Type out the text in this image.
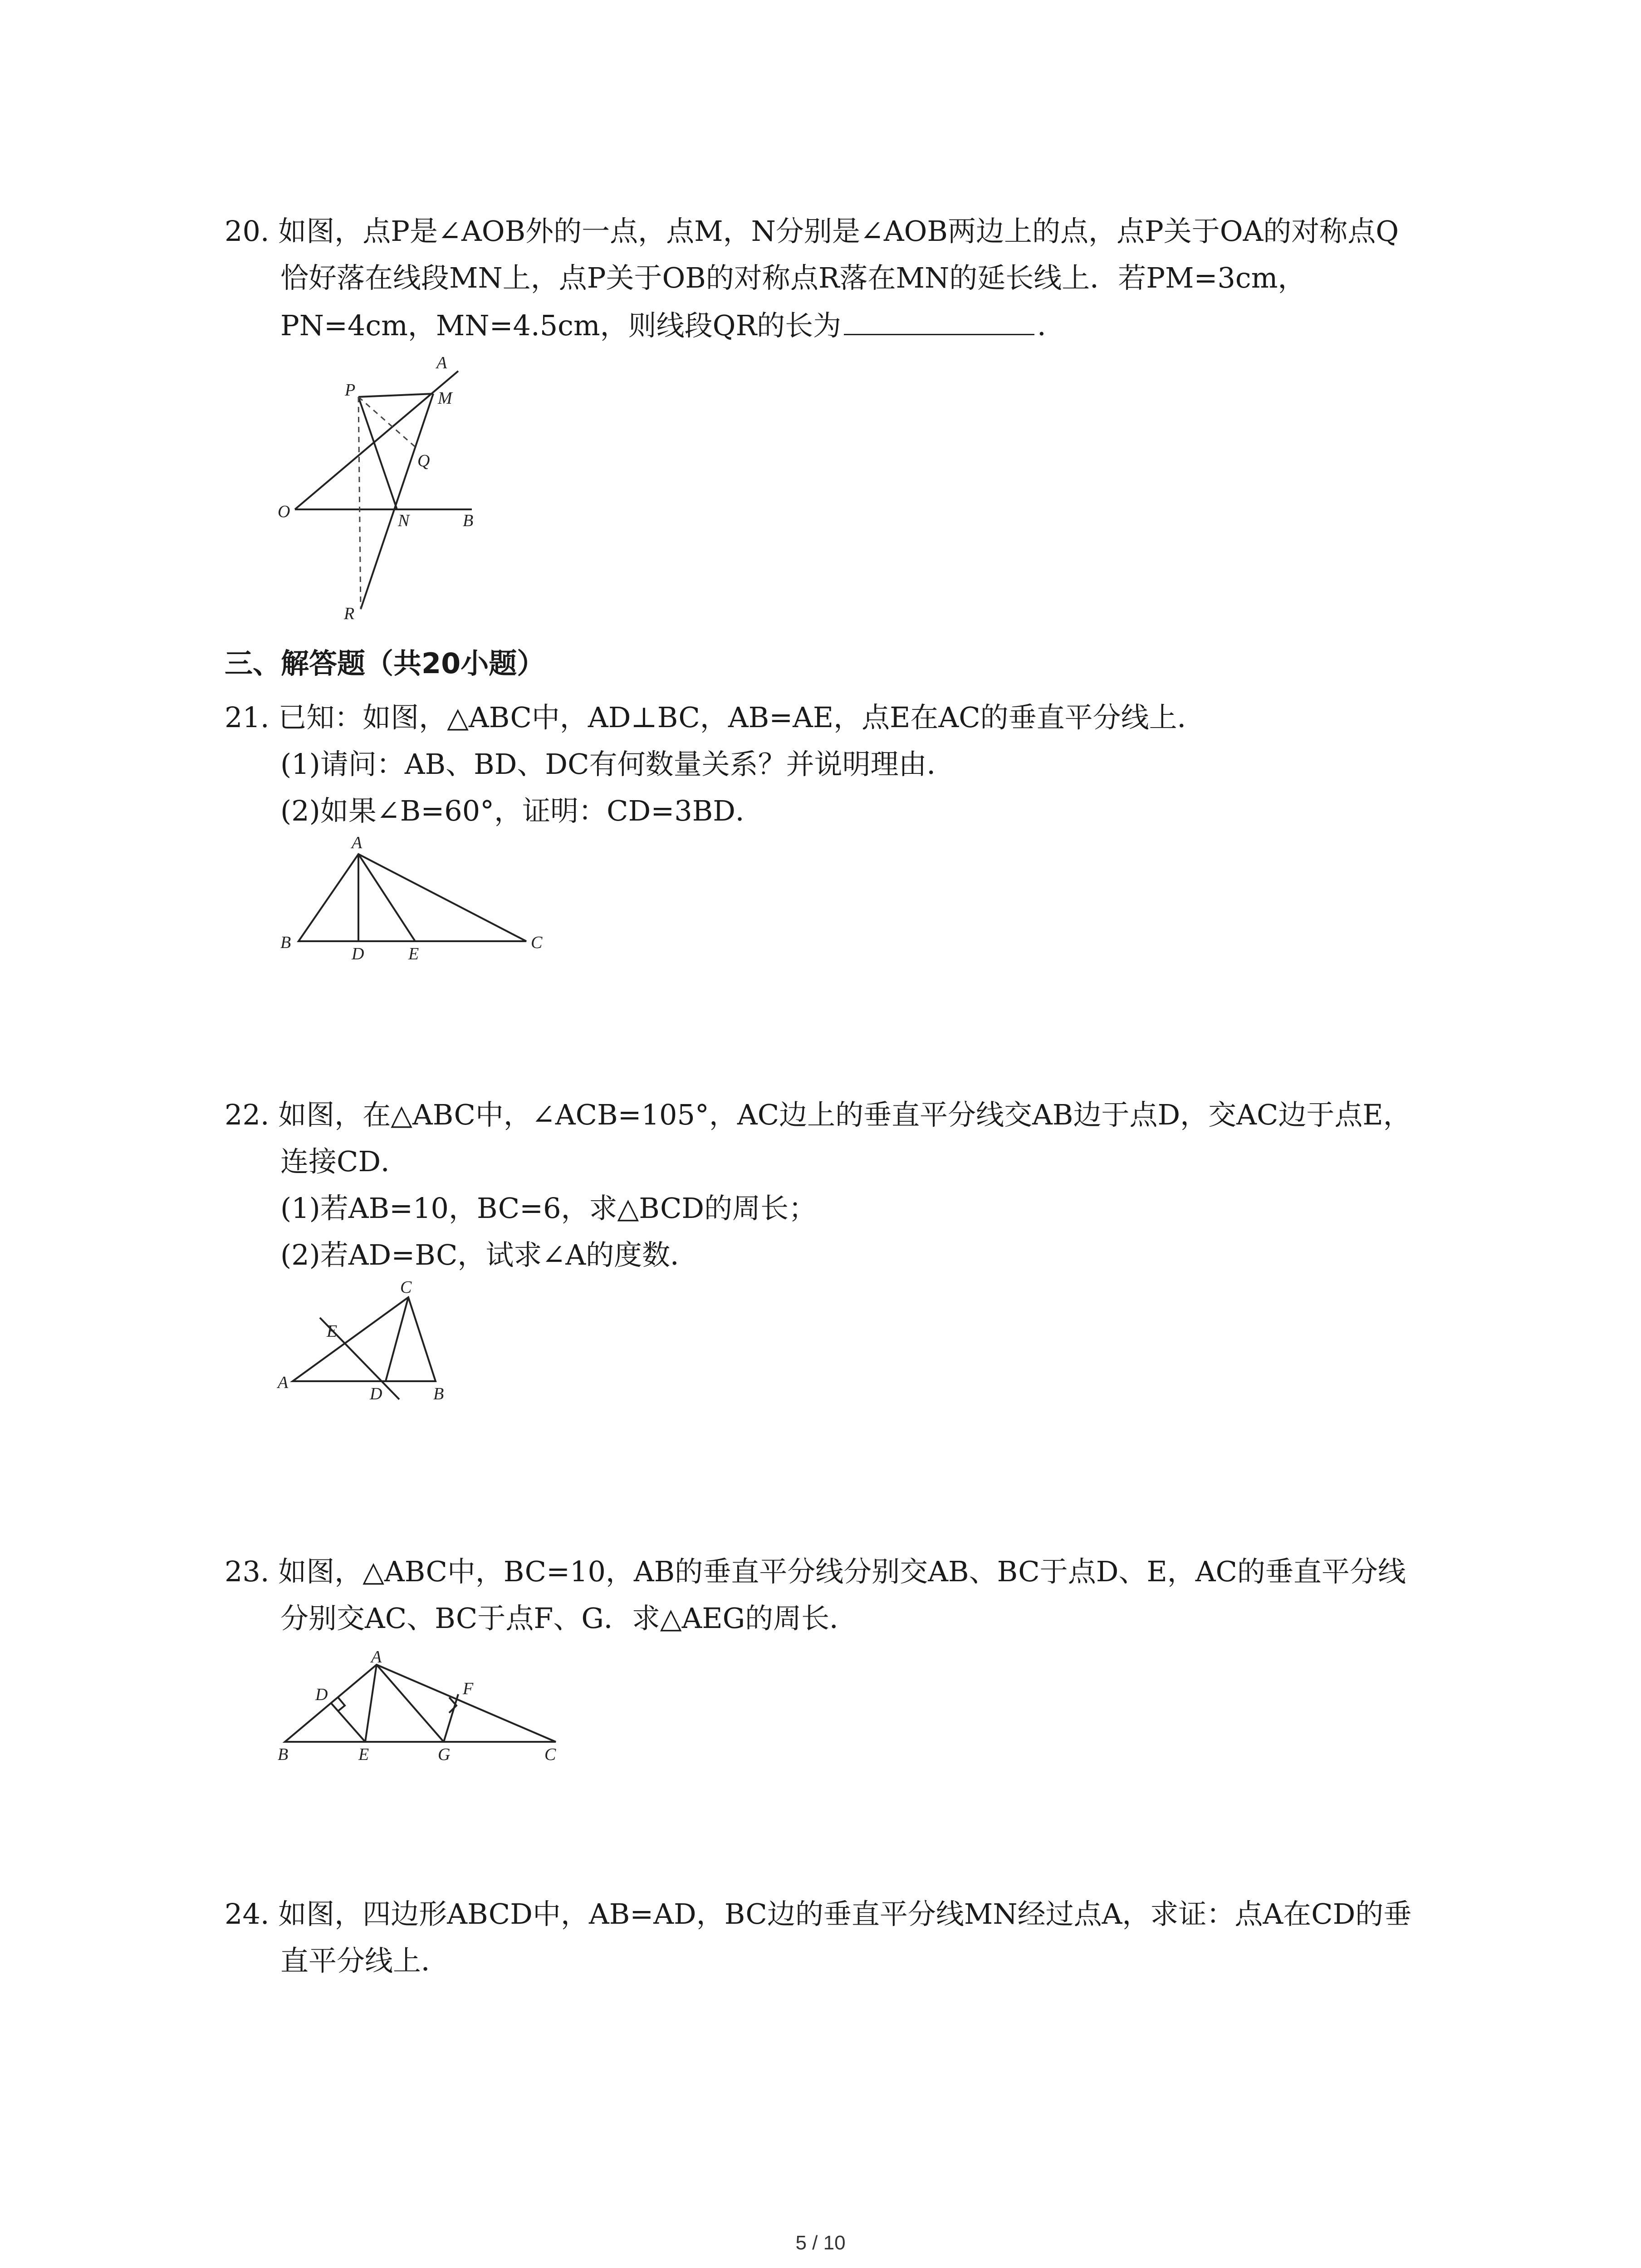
20. 如图，点P是∠AOB外的一点，点M，N分别是∠AOB两边上的点，点P关于OA的对称点Q
恰好落在线段MN上，点P关于OB的对称点R落在MN的延长线上．若PM=3cm，
PN=4cm，MN=4.5cm，则线段QR的长为	．
A
P	M
Q
O	N	B
R
三、解答题（共20小题）
21. 已知：如图，△ABC中，AD⊥BC，AB=AE，点E在AC的垂直平分线上．
(1)请问：AB、BD、DC有何数量关系？并说明理由．
(2)如果∠B=60°，证明：CD=3BD．
A
B
D	E
C
22. 如图，在△ABC中，∠ACB=105°，AC边上的垂直平分线交AB边于点D，交AC边于点E，
连接CD．
(1)若AB=10，BC=6，求△BCD的周长；
(2)若AD=BC，试求∠A的度数．
C
E
A
D	B
23. 如图，△ABC中，BC=10，AB的垂直平分线分别交AB、BC于点D、E，AC的垂直平分线
分别交AC、BC于点F、G．求△AEG的周长．
A
D	F
B	E	G	C
24. 如图，四边形ABCD中，AB=AD，BC边的垂直平分线MN经过点A，求证：点A在CD的垂
直平分线上．
5 / 10
